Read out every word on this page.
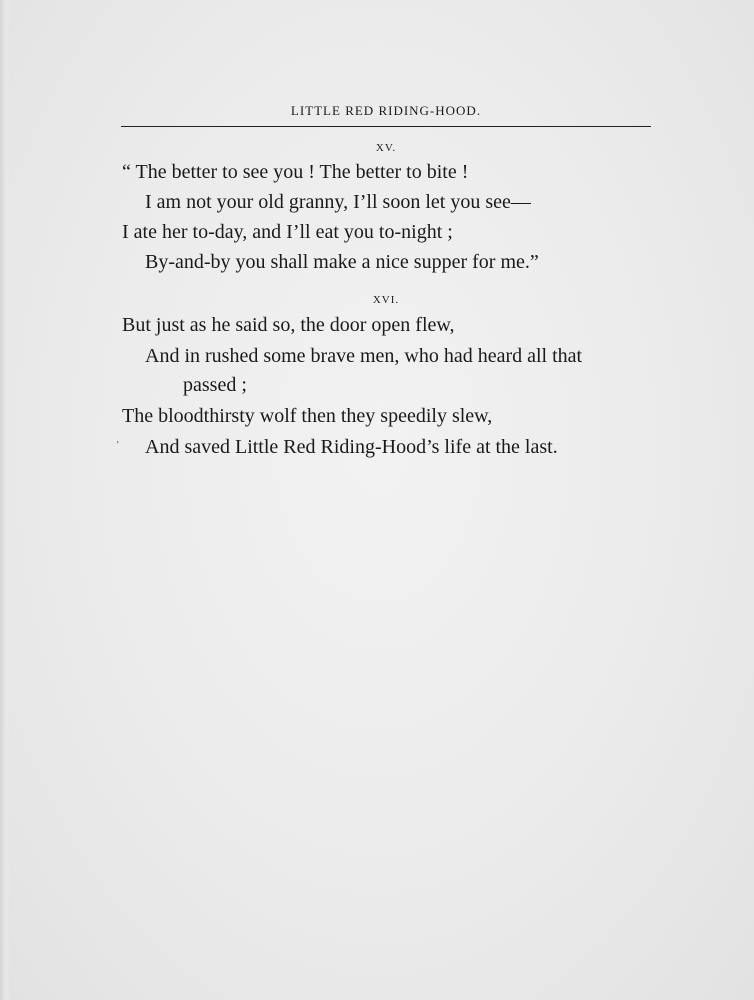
LITTLE RED RIDING-HOOD.
XV.
“ The better to see you ! The better to bite !
I am not your old granny, I’ll soon let you see—
I ate her to-day, and I’ll eat you to-night ;
By-and-by you shall make a nice supper for me.”
XVI.
But just as he said so, the door open flew,
And in rushed some brave men, who had heard all that
passed ;
The bloodthirsty wolf then they speedily slew,
And saved Little Red Riding-Hood’s life at the last.
ʼ
